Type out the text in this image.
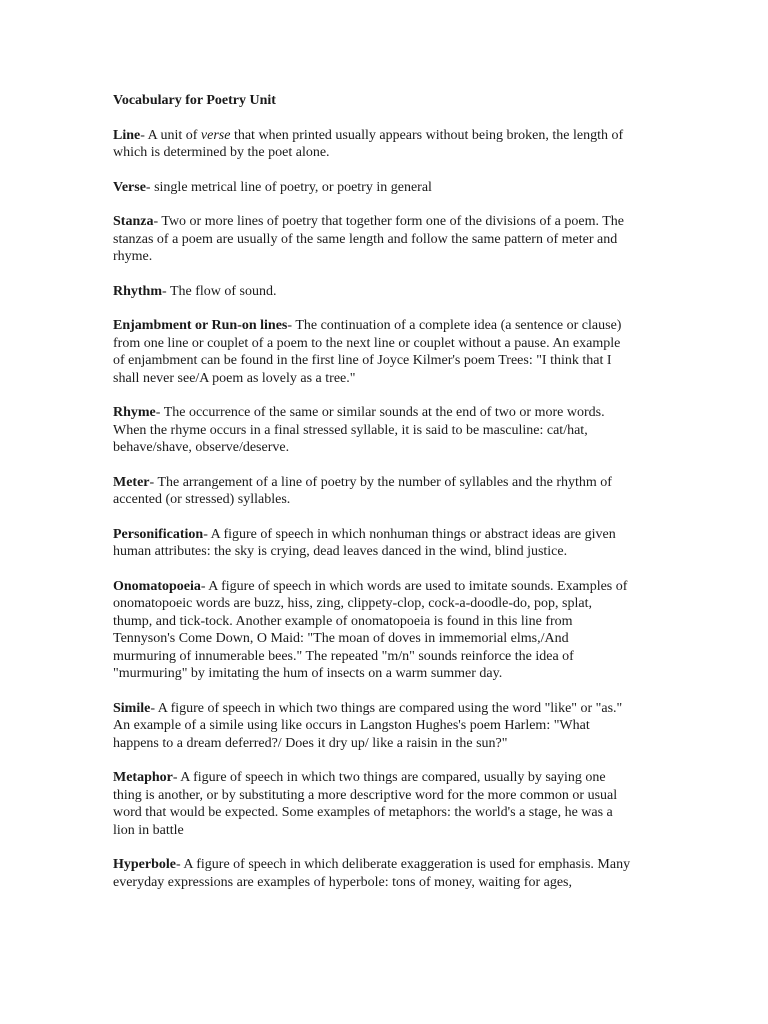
Vocabulary for Poetry Unit
Line- A unit of verse that when printed usually appears without being broken, the length of which is determined by the poet alone.
Verse- single metrical line of poetry, or poetry in general
Stanza- Two or more lines of poetry that together form one of the divisions of a poem. The stanzas of a poem are usually of the same length and follow the same pattern of meter and rhyme.
Rhythm- The flow of sound.
Enjambment or Run-on lines- The continuation of a complete idea (a sentence or clause) from one line or couplet of a poem to the next line or couplet without a pause. An example of enjambment can be found in the first line of Joyce Kilmer's poem Trees: "I think that I shall never see/A poem as lovely as a tree."
Rhyme- The occurrence of the same or similar sounds at the end of two or more words. When the rhyme occurs in a final stressed syllable, it is said to be masculine: cat/hat, behave/shave, observe/deserve.
Meter- The arrangement of a line of poetry by the number of syllables and the rhythm of accented (or stressed) syllables.
Personification- A figure of speech in which nonhuman things or abstract ideas are given human attributes: the sky is crying, dead leaves danced in the wind, blind justice.
Onomatopoeia- A figure of speech in which words are used to imitate sounds. Examples of onomatopoeic words are buzz, hiss, zing, clippety-clop, cock-a-doodle-do, pop, splat, thump, and tick-tock. Another example of onomatopoeia is found in this line from Tennyson's Come Down, O Maid: "The moan of doves in immemorial elms,/And murmuring of innumerable bees." The repeated "m/n" sounds reinforce the idea of "murmuring" by imitating the hum of insects on a warm summer day.
Simile- A figure of speech in which two things are compared using the word "like" or "as." An example of a simile using like occurs in Langston Hughes's poem Harlem: "What happens to a dream deferred?/ Does it dry up/ like a raisin in the sun?"
Metaphor- A figure of speech in which two things are compared, usually by saying one thing is another, or by substituting a more descriptive word for the more common or usual word that would be expected. Some examples of metaphors: the world's a stage, he was a lion in battle
Hyperbole- A figure of speech in which deliberate exaggeration is used for emphasis. Many everyday expressions are examples of hyperbole: tons of money, waiting for ages,
